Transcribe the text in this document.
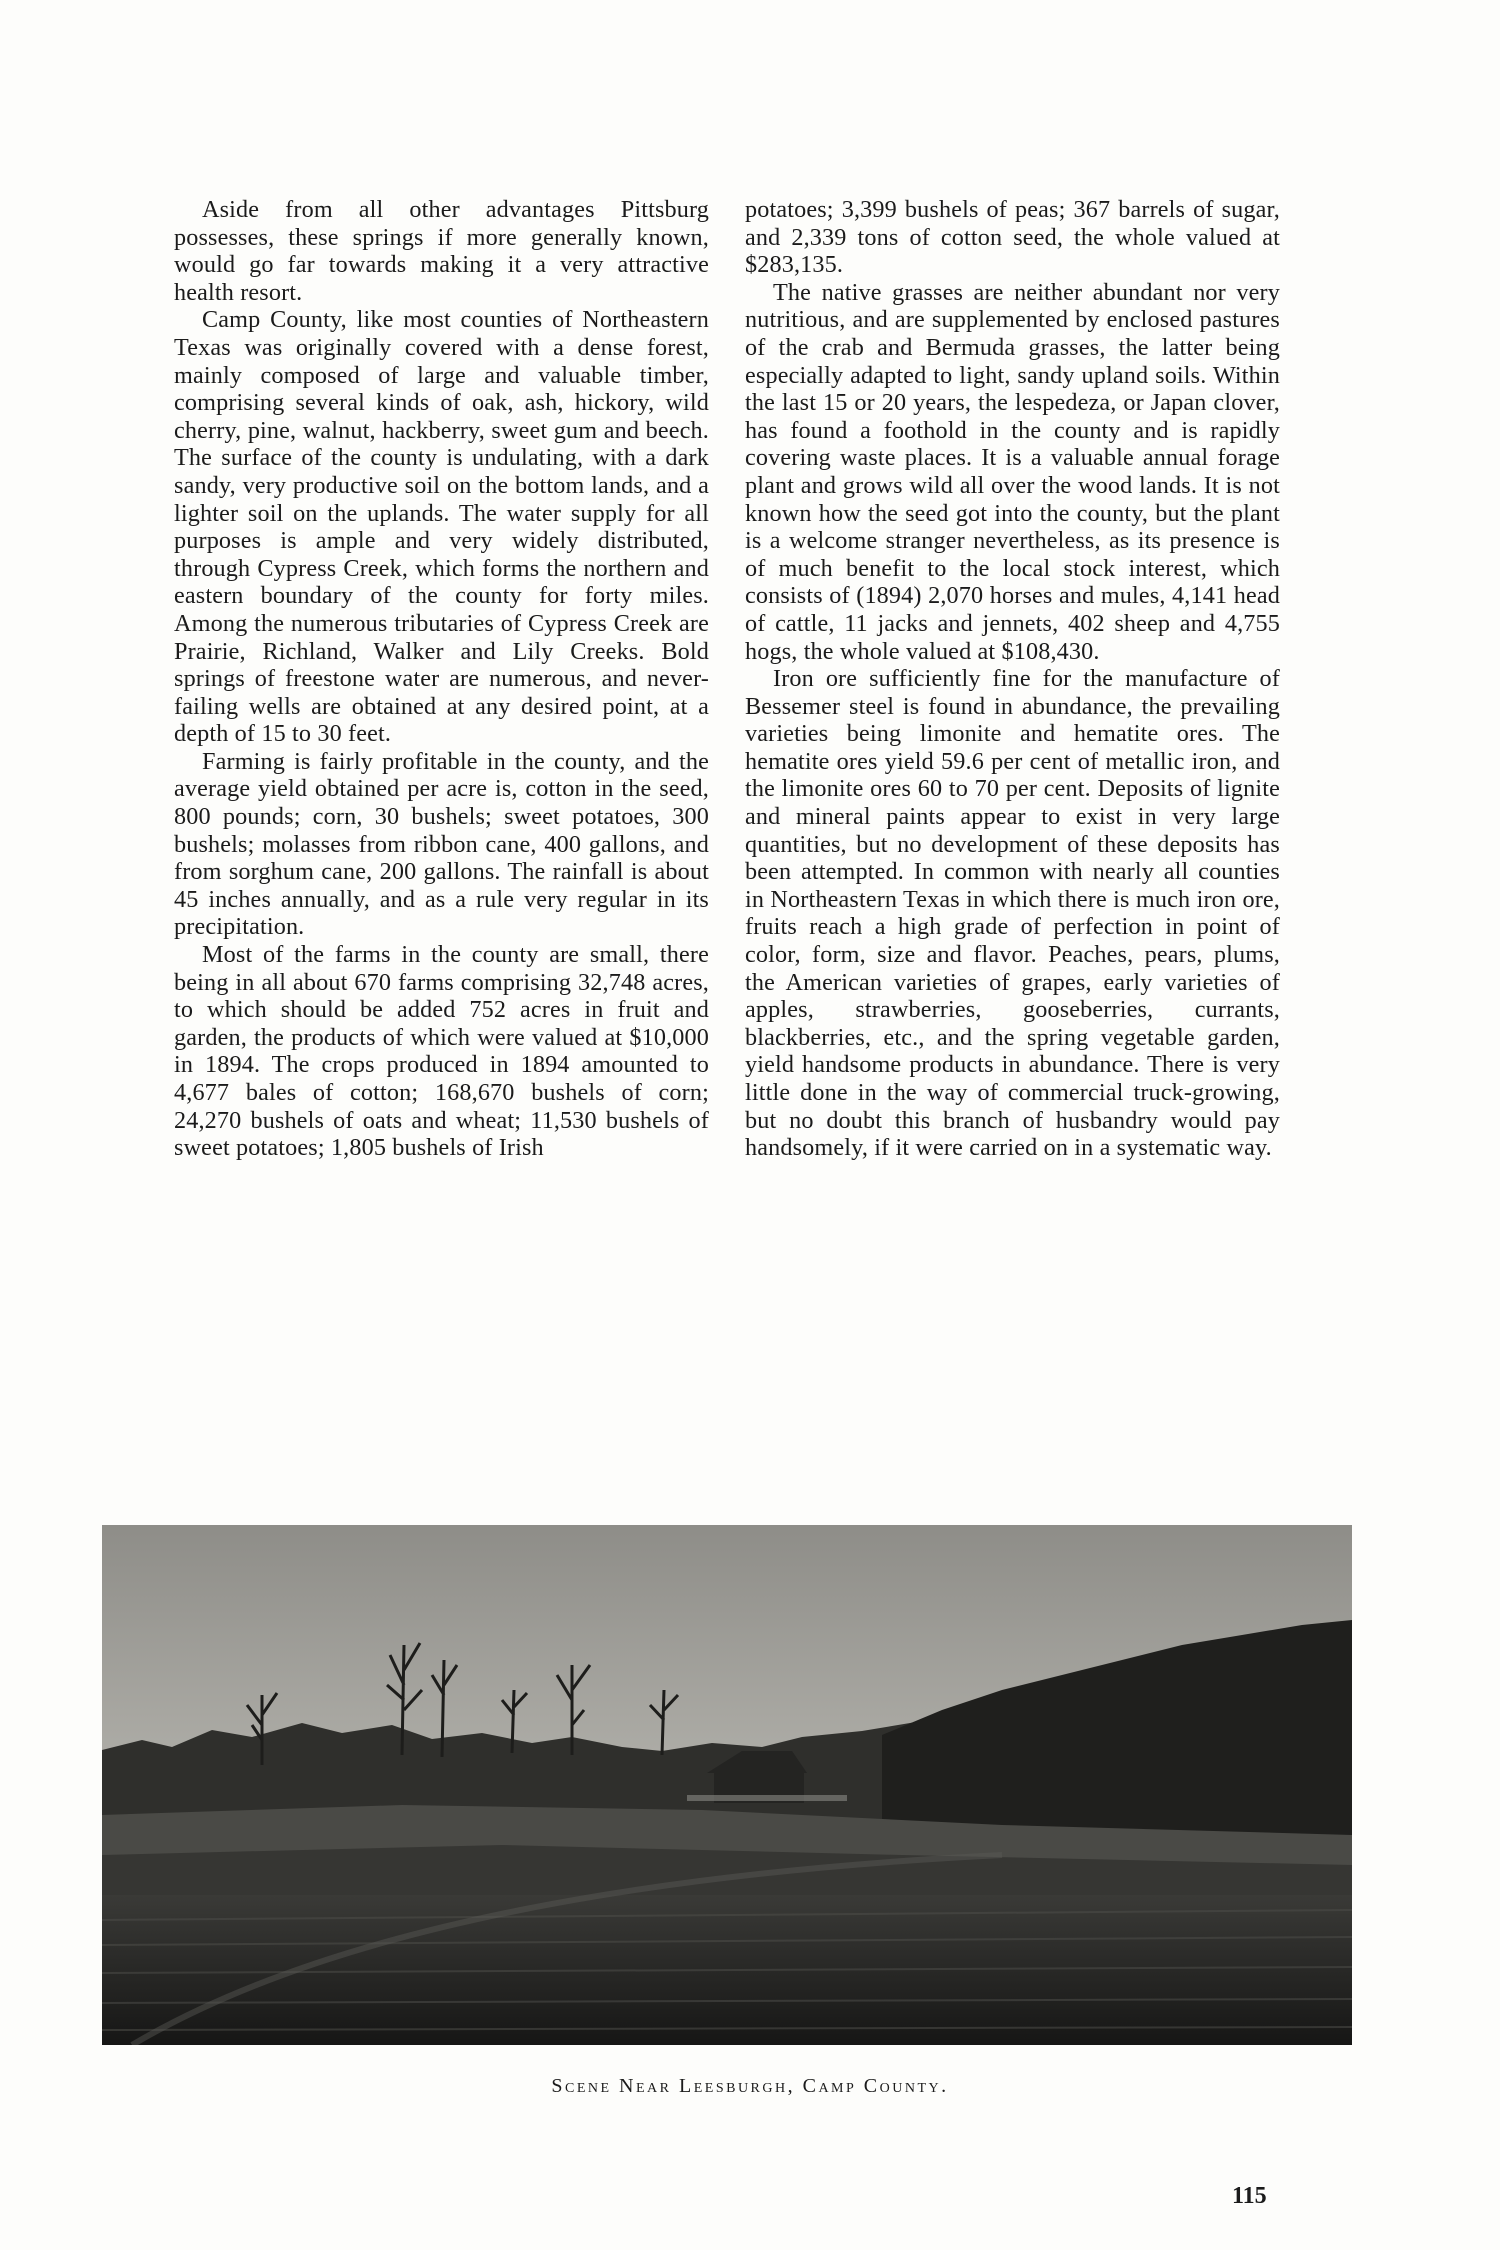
Aside from all other advantages Pittsburg possesses, these springs if more generally known, would go far towards making it a very attractive health resort.

Camp County, like most counties of Northeastern Texas was originally covered with a dense forest, mainly composed of large and valuable timber, comprising several kinds of oak, ash, hickory, wild cherry, pine, walnut, hackberry, sweet gum and beech. The surface of the county is undulating, with a dark sandy, very productive soil on the bottom lands, and a lighter soil on the uplands. The water supply for all purposes is ample and very widely distributed, through Cypress Creek, which forms the northern and eastern boundary of the county for forty miles. Among the numerous tributaries of Cypress Creek are Prairie, Richland, Walker and Lily Creeks. Bold springs of freestone water are numerous, and never-failing wells are obtained at any desired point, at a depth of 15 to 30 feet.

Farming is fairly profitable in the county, and the average yield obtained per acre is, cotton in the seed, 800 pounds; corn, 30 bushels; sweet potatoes, 300 bushels; molasses from ribbon cane, 400 gallons, and from sorghum cane, 200 gallons. The rainfall is about 45 inches annually, and as a rule very regular in its precipitation.

Most of the farms in the county are small, there being in all about 670 farms comprising 32,748 acres, to which should be added 752 acres in fruit and garden, the products of which were valued at $10,000 in 1894. The crops produced in 1894 amounted to 4,677 bales of cotton; 168,670 bushels of corn; 24,270 bushels of oats and wheat; 11,530 bushels of sweet potatoes; 1,805 bushels of Irish

potatoes; 3,399 bushels of peas; 367 barrels of sugar, and 2,339 tons of cotton seed, the whole valued at $283,135.

The native grasses are neither abundant nor very nutritious, and are supplemented by enclosed pastures of the crab and Bermuda grasses, the latter being especially adapted to light, sandy upland soils. Within the last 15 or 20 years, the lespedeza, or Japan clover, has found a foothold in the county and is rapidly covering waste places. It is a valuable annual forage plant and grows wild all over the wood lands. It is not known how the seed got into the county, but the plant is a welcome stranger nevertheless, as its presence is of much benefit to the local stock interest, which consists of (1894) 2,070 horses and mules, 4,141 head of cattle, 11 jacks and jennets, 402 sheep and 4,755 hogs, the whole valued at $108,430.

Iron ore sufficiently fine for the manufacture of Bessemer steel is found in abundance, the prevailing varieties being limonite and hematite ores. The hematite ores yield 59.6 per cent of metallic iron, and the limonite ores 60 to 70 per cent. Deposits of lignite and mineral paints appear to exist in very large quantities, but no development of these deposits has been attempted. In common with nearly all counties in Northeastern Texas in which there is much iron ore, fruits reach a high grade of perfection in point of color, form, size and flavor. Peaches, pears, plums, the American varieties of grapes, early varieties of apples, strawberries, gooseberries, currants, blackberries, etc., and the spring vegetable garden, yield handsome products in abundance. There is very little done in the way of commercial truck-growing, but no doubt this branch of husbandry would pay handsomely, if it were carried on in a systematic way.

Scene Near Leesburgh, Camp County.
115
